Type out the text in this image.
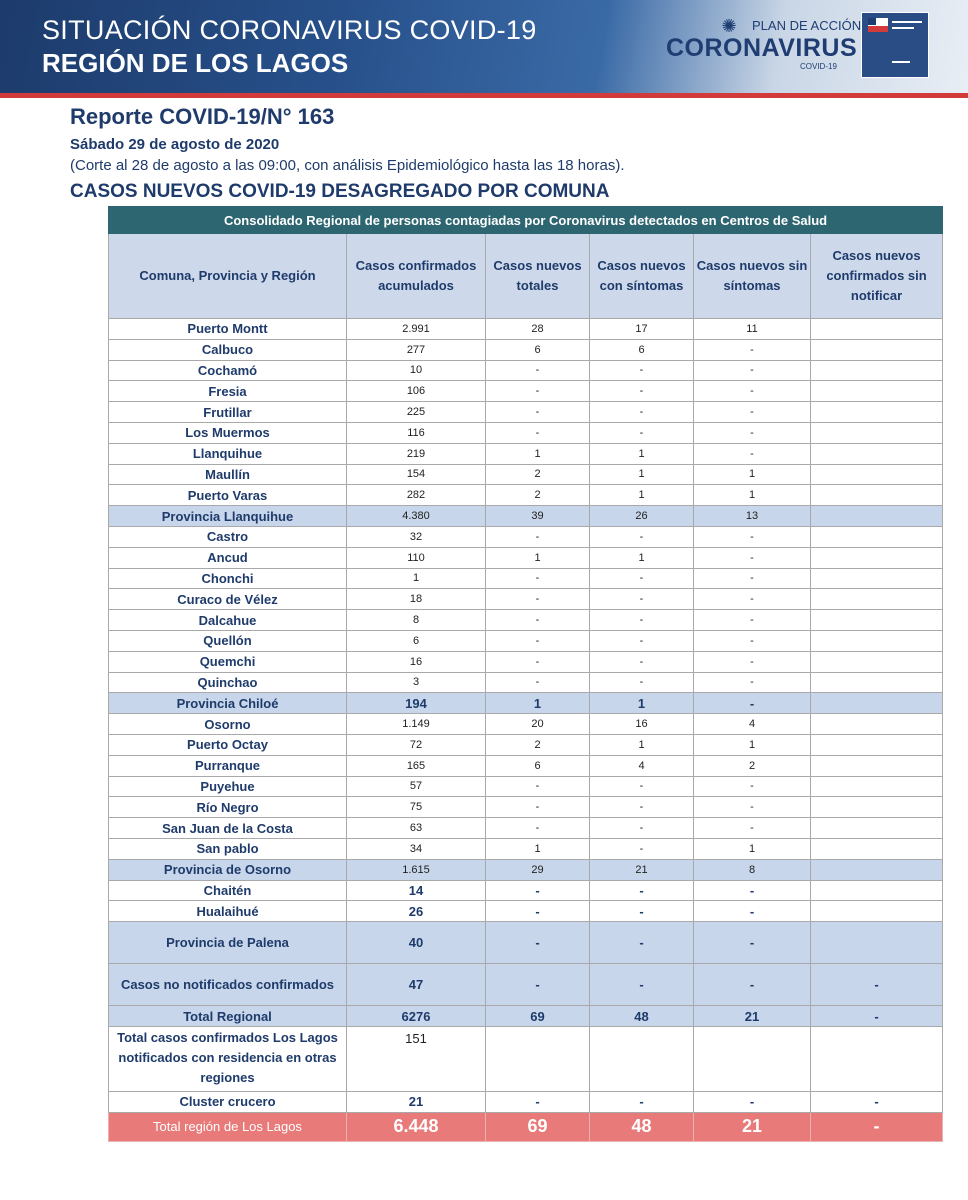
SITUACIÓN CORONAVIRUS COVID-19
REGIÓN DE LOS LAGOS
✺ PLAN DE ACCIÓN
CORONAVIRUS
COVID-19
Reporte COVID-19/N° 163
Sábado 29 de agosto de 2020
(Corte al 28 de agosto a las 09:00, con análisis Epidemiológico hasta las 18 horas).
CASOS NUEVOS COVID-19 DESAGREGADO POR COMUNA
Consolidado Regional de personas contagiadas por Coronavirus detectados en Centros de Salud					
Comuna, Provincia y Región	Casos confirmados acumulados	Casos nuevos totales	Casos nuevos con síntomas	Casos nuevos sin síntomas	Casos nuevos confirmados sin notificar
Puerto Montt	2.991	28	17	11	
Calbuco	277	6	6	-	
Cochamó	10	-	-	-	
Fresia	106	-	-	-	
Frutillar	225	-	-	-	
Los Muermos	116	-	-	-	
Llanquihue	219	1	1	-	
Maullín	154	2	1	1	
Puerto Varas	282	2	1	1	
Provincia Llanquihue	4.380	39	26	13	
Castro	32	-	-	-	
Ancud	110	1	1	-	
Chonchi	1	-	-	-	
Curaco de Vélez	18	-	-	-	
Dalcahue	8	-	-	-	
Quellón	6	-	-	-	
Quemchi	16	-	-	-	
Quinchao	3	-	-	-	
Provincia Chiloé	194	1	1	-	
Osorno	1.149	20	16	4	
Puerto Octay	72	2	1	1	
Purranque	165	6	4	2	
Puyehue	57	-	-	-	
Río Negro	75	-	-	-	
San Juan de la Costa	63	-	-	-	
San pablo	34	1	-	1	
Provincia de Osorno	1.615	29	21	8	
Chaitén	14	-	-	-	
Hualaihué	26	-	-	-	
Provincia de Palena	40	-	-	-	
Casos no notificados confirmados	47	-	-	-	-
Total Regional	6276	69	48	21	-
Total casos confirmados Los Lagos notificados con residencia en otras regiones	151				
Cluster crucero	21	-	-	-	-
Total región de Los Lagos	6.448	69	48	21	-
